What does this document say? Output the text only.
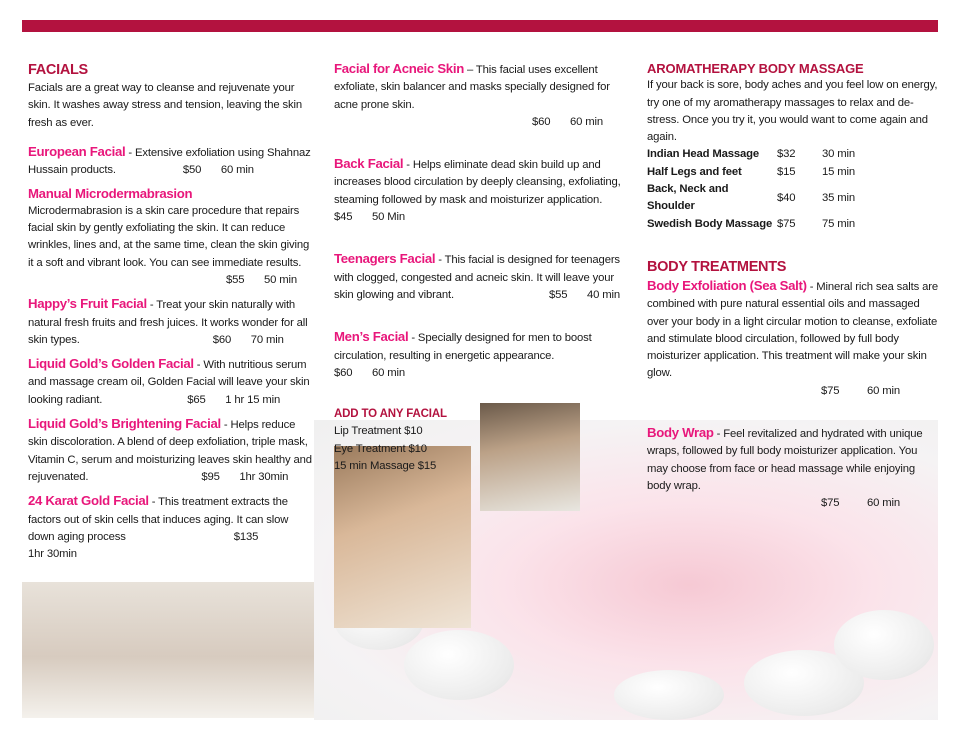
FACIALS

Facials are a great way to cleanse and rejuvenate your skin. It washes away stress and tension, leaving the skin fresh as ever.

European Facial - Extensive exfoliation using Shahnaz Hussain products.	$50 60 min

Manual Microdermabrasion
Microdermabrasion is a skin care procedure that repairs facial skin by gently exfoliating the skin. It can reduce wrinkles, lines and, at the same time, clean the skin giving it a soft and vibrant look. You can see immediate results.
$55 50 min

Happy’s Fruit Facial - Treat your skin naturally with natural fresh fruits and fresh juices. It works wonder for all skin types.	$60 70 min

Liquid Gold’s Golden Facial - With nutritious serum and massage cream oil, Golden Facial will leave your skin looking radiant.	$65 1 hr 15 min

Liquid Gold’s Brightening Facial - Helps reduce skin discoloration. A blend of deep exfoliation, triple mask, Vitamin C, serum and moisturizing leaves skin healthy and rejuvenated.	$95 1hr 30min

24 Karat Gold Facial - This treatment extracts the factors out of skin cells that induces aging. It can slow down aging process	$1351hr 30min

Facial for Acneic Skin – This facial uses excellent exfoliate, skin balancer and masks specially designed for acne prone skin.
$60 60 min
Back Facial - Helps eliminate dead skin build up and increases blood circulation by deeply cleansing, exfoliating, steaming followed by mask and moisturizer application. $45 50 Min
Teenagers Facial - This facial is designed for teenagers with clogged, congested and acneic skin. It will leave your skin glowing and vibrant.	$55 40 min
Men’s Facial - Specially designed for men to boost circulation, resulting in energetic appearance. $60 60 min
ADD TO ANY FACIAL
Lip Treatment $10
Eye Treatment $10
15 min Massage $15
AROMATHERAPY BODY MASSAGE
If your back is sore, body aches and you feel low on energy, try one of my aromatherapy massages to relax and de-stress. Once you try it, you would want to come again and again.
Indian Head Massage	$32	30 min
Half Legs and feet	$15	15 min
Back, Neck and Shoulder	$40	35 min
Swedish Body Massage	$75	75 min
BODY TREATMENTS
Body Exfoliation (Sea Salt) - Mineral rich sea salts are combined with pure natural essential oils and massaged over your body in a light circular motion to cleanse, exfoliate and stimulate blood circulation, followed by full body moisturizer application. This treatment will make your skin glow.
$75 60 min
Body Wrap - Feel revitalized and hydrated with unique wraps, followed by full body moisturizer application. You may choose from face or head massage while enjoying body wrap.
$75 60 min
